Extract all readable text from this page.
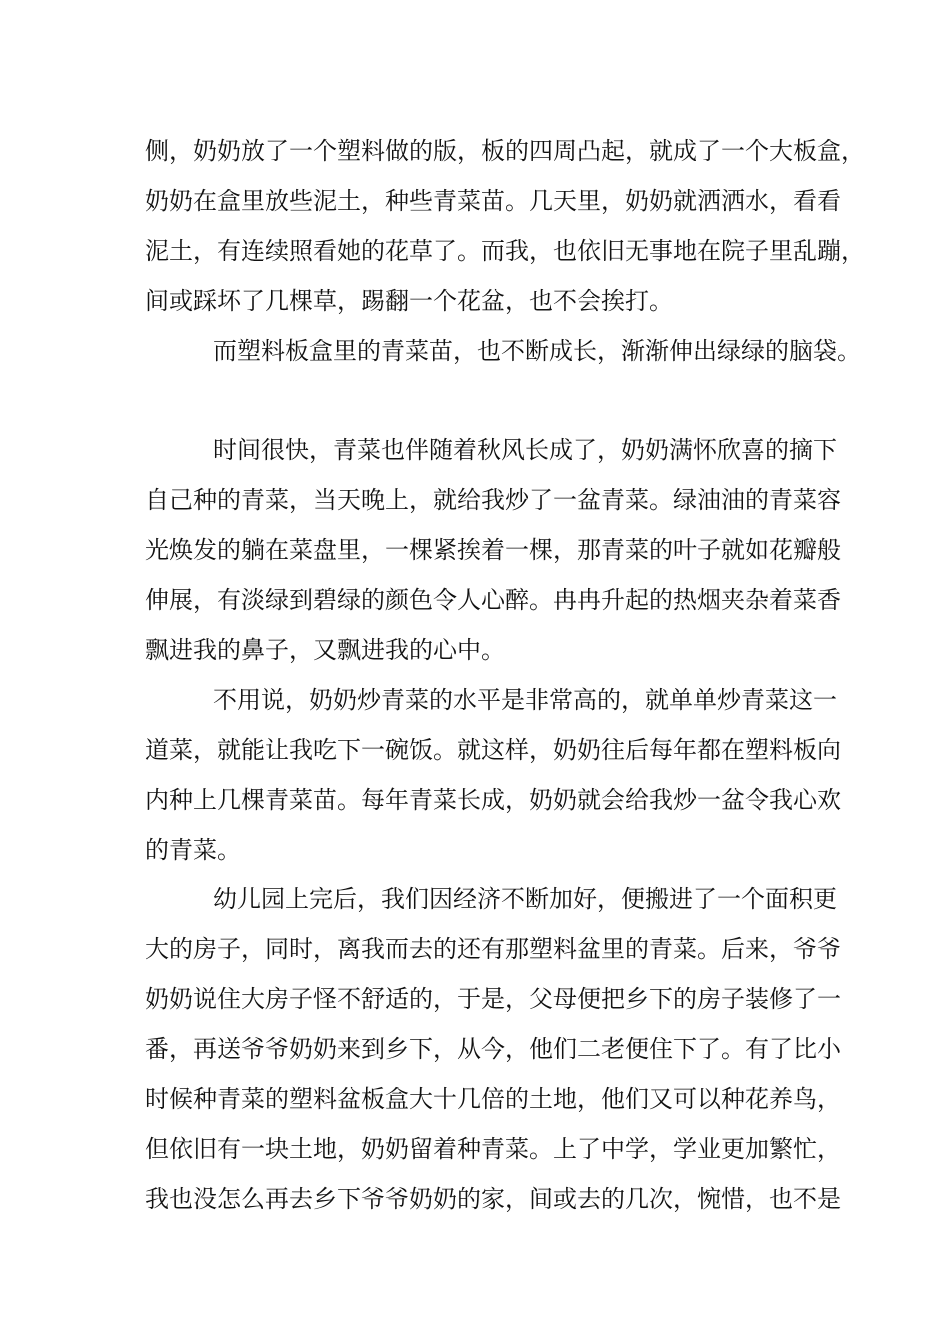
侧，奶奶放了一个塑料做的版，板的四周凸起，就成了一个大板盒，

奶奶在盒里放些泥土，种些青菜苗。几天里，奶奶就洒洒水，看看

泥土，有连续照看她的花草了。而我，也依旧无事地在院子里乱蹦，

间或踩坏了几棵草，踢翻一个花盆，也不会挨打。

而塑料板盒里的青菜苗，也不断成长，渐渐伸出绿绿的脑袋。

时间很快，青菜也伴随着秋风长成了，奶奶满怀欣喜的摘下

自己种的青菜，当天晚上，就给我炒了一盆青菜。绿油油的青菜容

光焕发的躺在菜盘里，一棵紧挨着一棵，那青菜的叶子就如花瓣般

伸展，有淡绿到碧绿的颜色令人心醉。冉冉升起的热烟夹杂着菜香

飘进我的鼻子，又飘进我的心中。

不用说，奶奶炒青菜的水平是非常高的，就单单炒青菜这一

道菜，就能让我吃下一碗饭。就这样，奶奶往后每年都在塑料板向

内种上几棵青菜苗。每年青菜长成，奶奶就会给我炒一盆令我心欢

的青菜。

幼儿园上完后，我们因经济不断加好，便搬进了一个面积更

大的房子，同时，离我而去的还有那塑料盆里的青菜。后来，爷爷

奶奶说住大房子怪不舒适的，于是，父母便把乡下的房子装修了一

番，再送爷爷奶奶来到乡下，从今，他们二老便住下了。有了比小

时候种青菜的塑料盆板盒大十几倍的土地，他们又可以种花养鸟，

但依旧有一块土地，奶奶留着种青菜。上了中学，学业更加繁忙，

我也没怎么再去乡下爷爷奶奶的家，间或去的几次，惋惜，也不是
